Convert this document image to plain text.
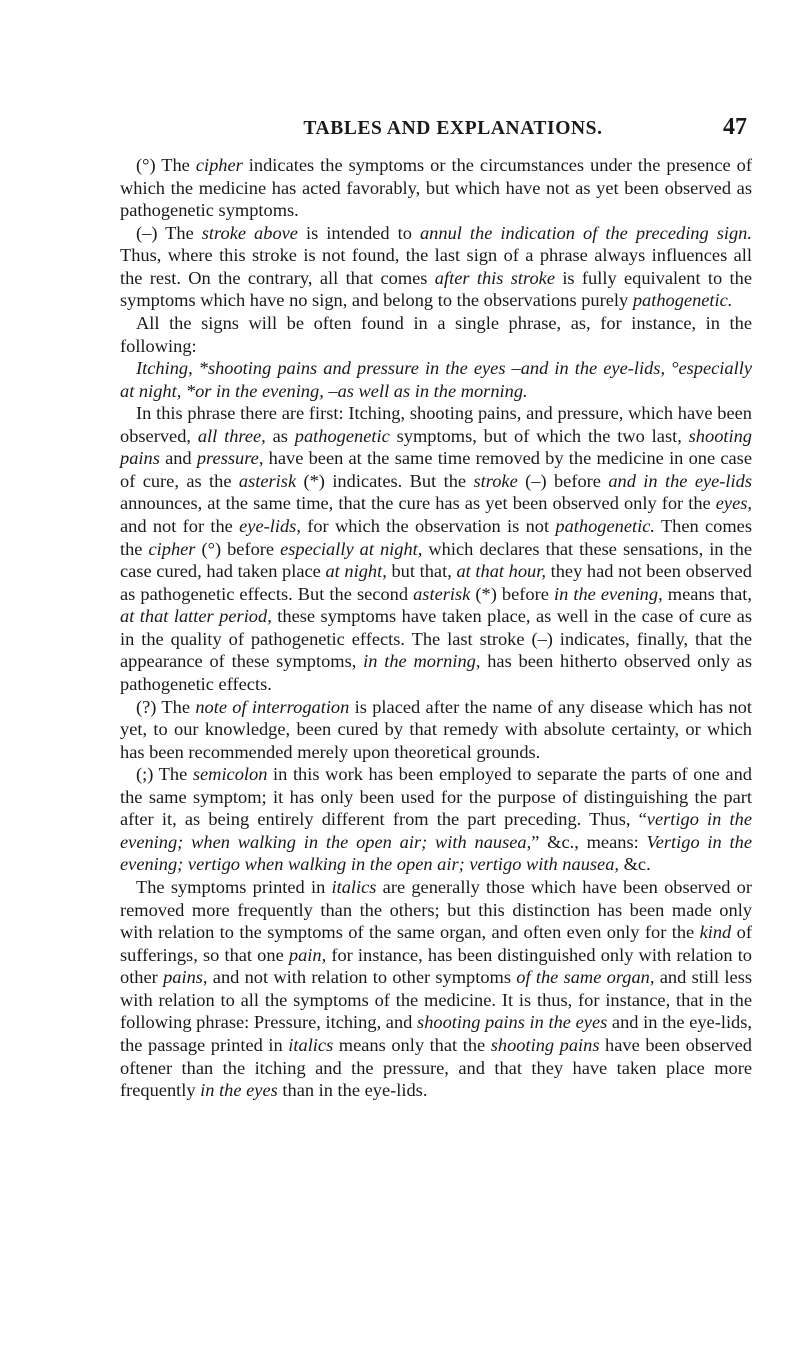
TABLES AND EXPLANATIONS.	47

(°) The cipher indicates the symptoms or the circumstances under the presence of which the medicine has acted favorably, but which have not as yet been observed as pathogenetic symptoms.

(–) The stroke above is intended to annul the indication of the preceding sign. Thus, where this stroke is not found, the last sign of a phrase always influences all the rest. On the contrary, all that comes after this stroke is fully equivalent to the symptoms which have no sign, and belong to the observations purely pathogenetic.

All the signs will be often found in a single phrase, as, for instance, in the following:

Itching, *shooting pains and pressure in the eyes –and in the eye-lids, °especially at night, *or in the evening, –as well as in the morning.

In this phrase there are first: Itching, shooting pains, and pressure, which have been observed, all three, as pathogenetic symptoms, but of which the two last, shooting pains and pressure, have been at the same time removed by the medicine in one case of cure, as the asterisk (*) indicates. But the stroke (–) before and in the eye-lids announces, at the same time, that the cure has as yet been observed only for the eyes, and not for the eye-lids, for which the observation is not pathogenetic. Then comes the cipher (°) before especially at night, which declares that these sensations, in the case cured, had taken place at night, but that, at that hour, they had not been observed as pathogenetic effects. But the second asterisk (*) before in the evening, means that, at that latter period, these symptoms have taken place, as well in the case of cure as in the quality of pathogenetic effects. The last stroke (–) indicates, finally, that the appearance of these symptoms, in the morning, has been hitherto observed only as pathogenetic effects.

(?) The note of interrogation is placed after the name of any disease which has not yet, to our knowledge, been cured by that remedy with absolute certainty, or which has been recommended merely upon theoretical grounds.

(;) The semicolon in this work has been employed to separate the parts of one and the same symptom; it has only been used for the purpose of distinguishing the part after it, as being entirely different from the part preceding. Thus, “vertigo in the evening; when walking in the open air; with nausea,” &c., means: Vertigo in the evening; vertigo when walking in the open air; vertigo with nausea, &c.

The symptoms printed in italics are generally those which have been observed or removed more frequently than the others; but this distinction has been made only with relation to the symptoms of the same organ, and often even only for the kind of sufferings, so that one pain, for instance, has been distinguished only with relation to other pains, and not with relation to other symptoms of the same organ, and still less with relation to all the symptoms of the medicine. It is thus, for instance, that in the following phrase: Pressure, itching, and shooting pains in the eyes and in the eye-lids, the passage printed in italics means only that the shooting pains have been observed oftener than the itching and the pressure, and that they have taken place more frequently in the eyes than in the eye-lids.
